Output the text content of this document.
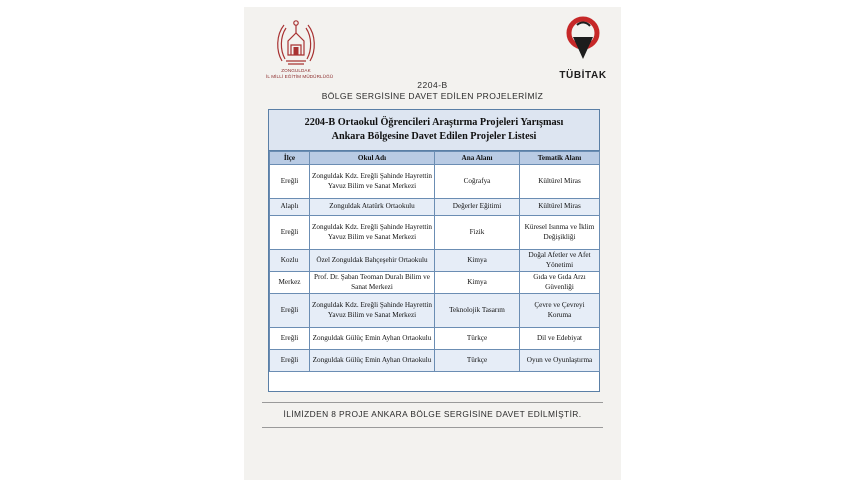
ZONGULDAK
İL MİLLİ EĞİTİM MÜDÜRLÜĞÜ	TÜBİTAK
2204-B
BÖLGE SERGİSİNE DAVET EDİLEN PROJELERİMİZ
2204-B Ortaokul Öğrencileri Araştırma Projeleri Yarışması
Ankara Bölgesine Davet Edilen Projeler Listesi
İlçe	Okul Adı	Ana Alanı	Tematik Alanı
Ereğli	Zonguldak Kdz. Ereğli Şahinde Hayrettin Yavuz Bilim ve Sanat Merkezi	Coğrafya	Kültürel Miras
Alaplı	Zonguldak Atatürk Ortaokulu	Değerler Eğitimi	Kültürel Miras
Ereğli	Zonguldak Kdz. Ereğli Şahinde Hayrettin Yavuz Bilim ve Sanat Merkezi	Fizik	Küresel Isınma ve İklim Değişikliği
Kozlu	Özel Zonguldak Bahçeşehir Ortaokulu	Kimya	Doğal Afetler ve Afet Yönetimi
Merkez	Prof. Dr. Şaban Teoman Duralı Bilim ve Sanat Merkezi	Kimya	Gıda ve Gıda Arzı Güvenliği
Ereğli	Zonguldak Kdz. Ereğli Şahinde Hayrettin Yavuz Bilim ve Sanat Merkezi	Teknolojik Tasarım	Çevre ve Çevreyi Koruma
Ereğli	Zonguldak Gülüç Emin Ayhan Ortaokulu	Türkçe	Dil ve Edebiyat
Ereğli	Zonguldak Gülüç Emin Ayhan Ortaokulu	Türkçe	Oyun ve Oyunlaştırma
İLİMİZDEN 8 PROJE ANKARA BÖLGE SERGİSİNE DAVET EDİLMİŞTİR.
